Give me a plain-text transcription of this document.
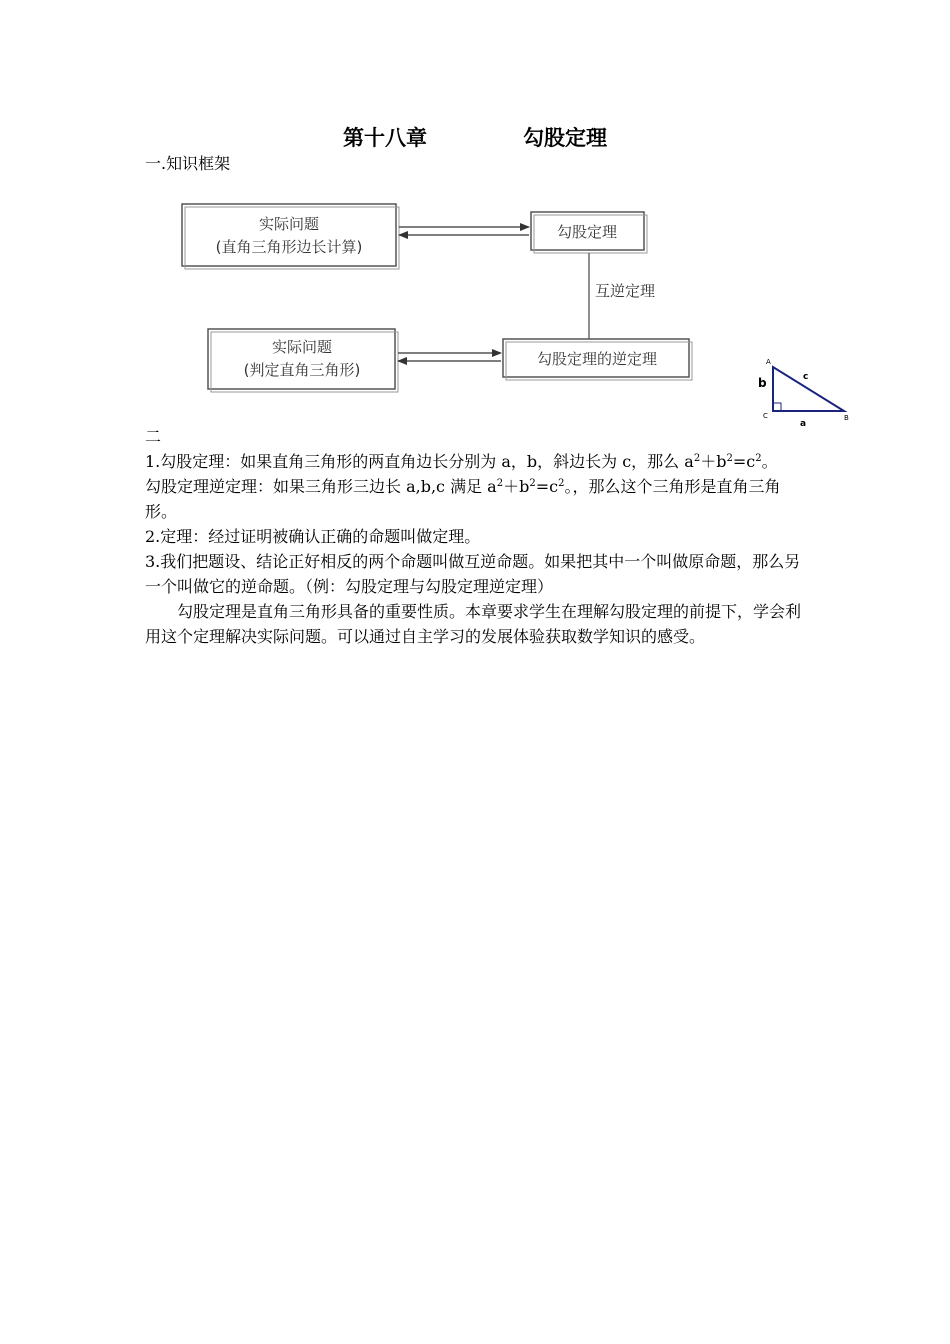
第十八章	勾股定理
一.知识框架
实际问题
(直角三角形边长计算)
勾股定理
互逆定理
实际问题
(判定直角三角形)
勾股定理的逆定理	A
C	B
b	c
a

二

1.勾股定理：如果直角三角形的两直角边长分别为 a，b，斜边长为 c，那么 $a^2+b^2=c^2$。

勾股定理逆定理：如果三角形三边长 a,b,c 满足 $a^2+b^2=c^2$。，那么这个三角形是直角三角形。

2.定理：经过证明被确认正确的命题叫做定理。

3.我们把题设、结论正好相反的两个命题叫做互逆命题。如果把其中一个叫做原命题，那么另一个叫做它的逆命题。（例：勾股定理与勾股定理逆定理）

勾股定理是直角三角形具备的重要性质。本章要求学生在理解勾股定理的前提下，学会利用这个定理解决实际问题。可以通过自主学习的发展体验获取数学知识的感受。
